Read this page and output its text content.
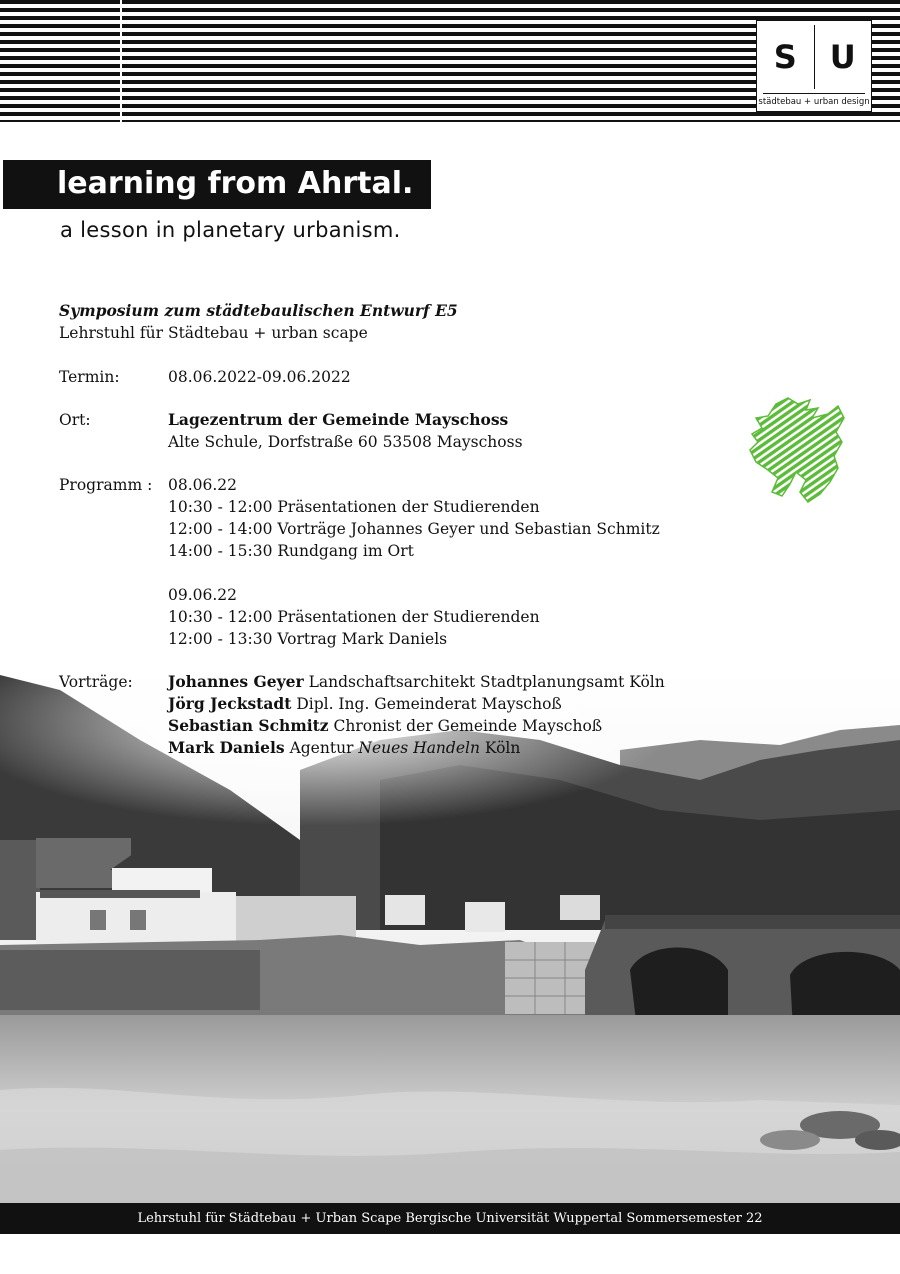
S	U
städtebau + urban design
learning from Ahrtal.
a lesson in planetary urbanism.
Symposium zum städtebaulischen Entwurf E5
Lehrstuhl für Städtebau + urban scape
Termin:	08.06.2022-09.06.2022
Ort:	Lagezentrum der Gemeinde Mayschoss
Alte Schule, Dorfstraße 60 53508 Mayschoss
Programm :	08.06.22
10:30 - 12:00 Präsentationen der Studierenden
12:00 - 14:00 Vorträge Johannes Geyer und Sebastian Schmitz
14:00 - 15:30 Rundgang im Ort

09.06.22
10:30 - 12:00 Präsentationen der Studierenden
12:00 - 13:30 Vortrag Mark Daniels
Vorträge:	Johannes Geyer Landschaftsarchitekt Stadtplanungsamt Köln
Jörg Jeckstadt Dipl. Ing. Gemeinderat Mayschoß
Sebastian Schmitz Chronist der Gemeinde Mayschoß
Mark Daniels Agentur Neues Handeln Köln
Lehrstuhl für Städtebau + Urban Scape Bergische Universität Wuppertal Sommersemester 22
